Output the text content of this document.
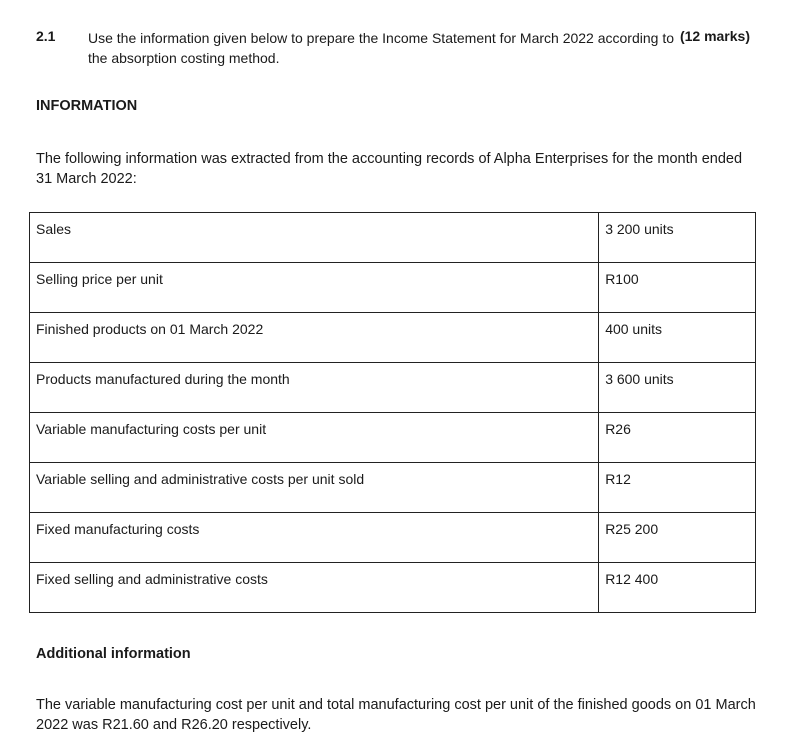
2.1 Use the information given below to prepare the Income Statement for March 2022 according to the absorption costing method.
(12 marks)
INFORMATION
The following information was extracted from the accounting records of Alpha Enterprises for the month ended 31 March 2022:
Sales	3 200 units
Selling price per unit	R100
Finished products on 01 March 2022	400 units
Products manufactured during the month	3 600 units
Variable manufacturing costs per unit	R26
Variable selling and administrative costs per unit sold	R12
Fixed manufacturing costs	R25 200
Fixed selling and administrative costs	R12 400
Additional information
The variable manufacturing cost per unit and total manufacturing cost per unit of the finished goods on 01 March 2022 was R21.60 and R26.20 respectively.
